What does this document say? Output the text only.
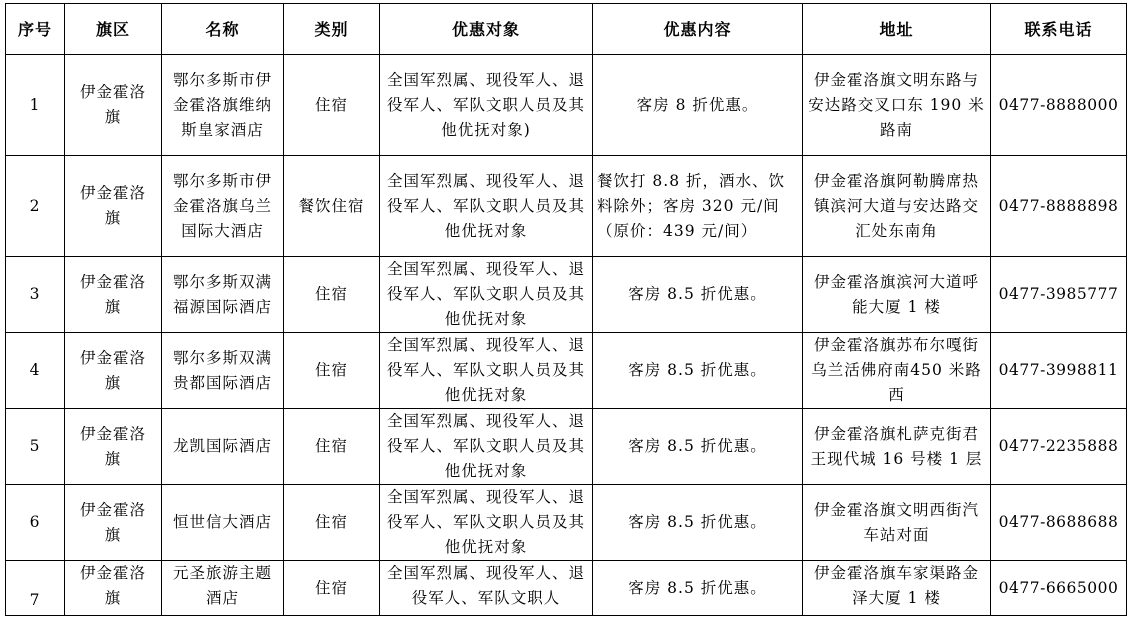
序号	旗区	名称	类别	优惠对象	优惠内容	地址	联系电话
1	伊金霍洛旗	鄂尔多斯市伊金霍洛旗维纳斯皇家酒店	住宿	全国军烈属、现役军人、退役军人、军队文职人员及其他优抚对象)	客房 8 折优惠。	伊金霍洛旗文明东路与安达路交叉口东 190 米路南	0477-8888000
2	伊金霍洛旗	鄂尔多斯市伊金霍洛旗乌兰国际大酒店	餐饮住宿	全国军烈属、现役军人、退役军人、军队文职人员及其他优抚对象	餐饮打 8.8 折，酒水、饮料除外；客房 320 元/间（原价：439 元/间）	伊金霍洛旗阿勒腾席热镇滨河大道与安达路交汇处东南角	0477-8888898
3	伊金霍洛旗	鄂尔多斯双满福源国际酒店	住宿	全国军烈属、现役军人、退役军人、军队文职人员及其他优抚对象	客房 8.5 折优惠。	伊金霍洛旗滨河大道呼能大厦 1 楼	0477-3985777
4	伊金霍洛旗	鄂尔多斯双满贵都国际酒店	住宿	全国军烈属、现役军人、退役军人、军队文职人员及其他优抚对象	客房 8.5 折优惠。	伊金霍洛旗苏布尔嘎街乌兰活佛府南450 米路西	0477-3998811
5	伊金霍洛旗	龙凯国际酒店	住宿	全国军烈属、现役军人、退役军人、军队文职人员及其他优抚对象	客房 8.5 折优惠。	伊金霍洛旗札萨克街君王现代城 16 号楼 1 层	0477-2235888
6	伊金霍洛旗	恒世信大酒店	住宿	全国军烈属、现役军人、退役军人、军队文职人员及其他优抚对象	客房 8.5 折优惠。	伊金霍洛旗文明西街汽车站对面	0477-8688688
7	伊金霍洛旗	元圣旅游主题酒店	住宿	全国军烈属、现役军人、退役军人、军队文职人	客房 8.5 折优惠。	伊金霍洛旗车家渠路金泽大厦 1 楼	0477-6665000
